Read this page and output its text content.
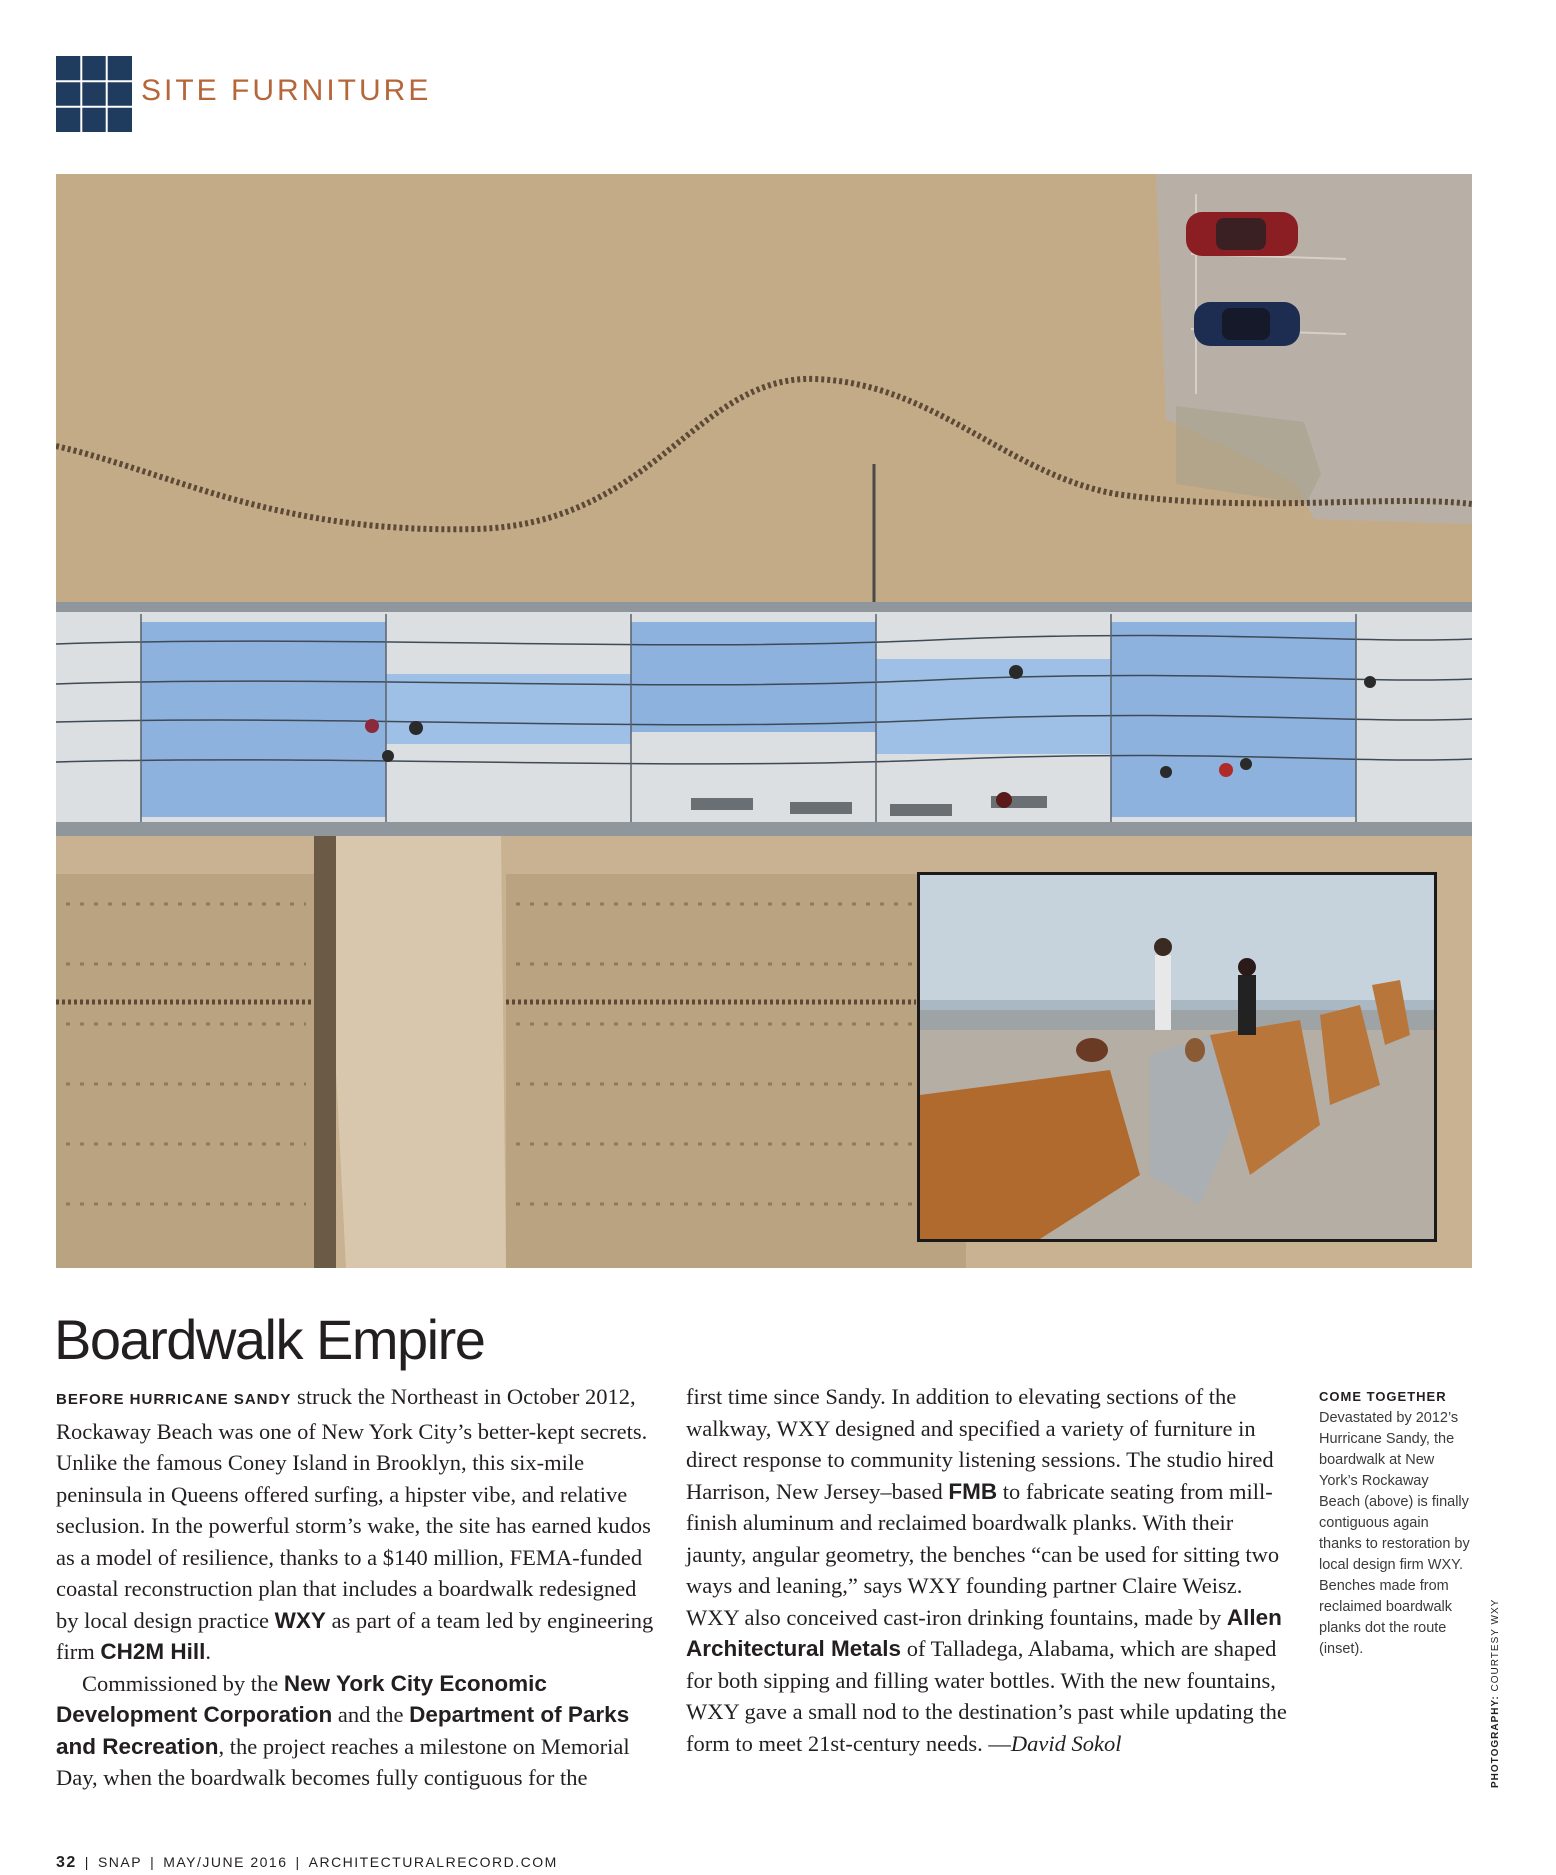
SITE FURNITURE
Boardwalk Empire

BEFORE HURRICANE SANDY struck the Northeast in October 2012, Rockaway Beach was one of New York City’s better-kept secrets. Unlike the famous Coney Island in Brooklyn, this six-mile peninsula in Queens offered surfing, a hipster vibe, and relative seclusion. In the powerful storm’s wake, the site has earned kudos as a model of resilience, thanks to a $140 million, FEMA-funded coastal reconstruction plan that includes a boardwalk redesigned by local design practice WXY as part of a team led by engineering firm CH2M Hill.

Commissioned by the New York City Economic Development Corporation and the Department of Parks and Recreation, the project reaches a milestone on Memorial Day, when the boardwalk becomes fully contiguous for the

first time since Sandy. In addition to elevating sections of the walkway, WXY designed and specified a variety of furniture in direct response to community listening sessions. The studio hired Harrison, New Jersey–based FMB to fabricate seating from mill-finish aluminum and reclaimed boardwalk planks. With their jaunty, angular geometry, the benches “can be used for sitting two ways and leaning,” says WXY founding partner Claire Weisz. WXY also conceived cast-iron drinking fountains, made by Allen Architectural Metals of Talladega, Alabama, which are shaped for both sipping and filling water bottles. With the new fountains, WXY gave a small nod to the destination’s past while updating the form to meet 21st-century needs. —David Sokol

COME TOGETHER
Devastated by 2012’s Hurricane Sandy, the boardwalk at New York’s Rockaway Beach (above) is finally contiguous again thanks to restoration by local design firm WXY. Benches made from reclaimed boardwalk planks dot the route (inset).
PHOTOGRAPHY: COURTESY WXY
32 | SNAP | MAY/JUNE 2016 | ARCHITECTURALRECORD.COM
